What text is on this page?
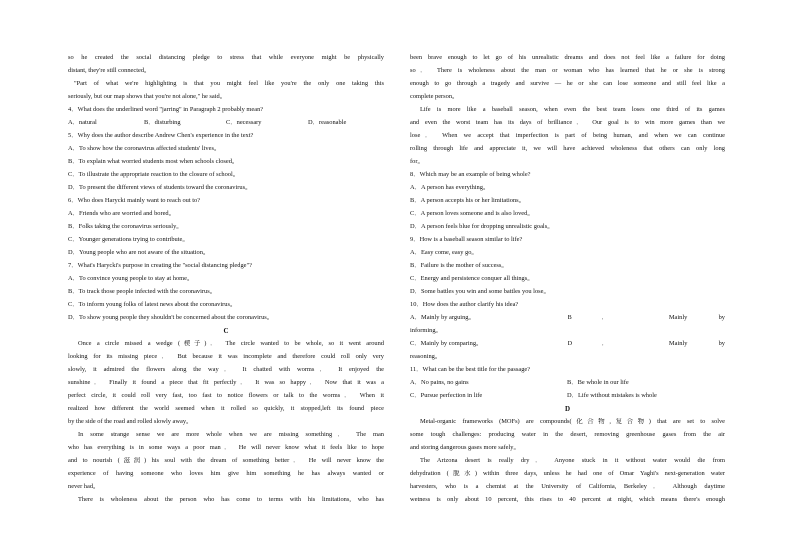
so he created the social distancing pledge to stress that while everyone might be physically
distant, they're still connected。
"Part of what we're highlighting is that you might feel like you're the only one taking this
seriously, but our map shows that you're not alone," he said。
4．What does the underlined word "jarring" in Paragraph 2 probably mean?
A．natural	B．disturbing	C．necessary	D．reasonable
5．Why does the author describe Andrew Chen's experience in the text?
A．To show how the coronavirus affected students' lives。
B．To explain what worried students most when schools closed。
C．To illustrate the appropriate reaction to the closure of school。
D．To present the different views of students toward the coronavirus。
6．Who does Harycki mainly want to reach out to?
A．Friends who are worried and bored。
B．Folks taking the coronavirus seriously。
C．Younger generations trying to contribute。
D．Young people who are not aware of the situation。
7．What's Harycki's purpose in creating the "social distancing pledge"?
A．To convince young people to stay at home。
B．To track those people infected with the coronavirus。
C．To inform young folks of latest news about the coronavirus。
D．To show young people they shouldn't be concerned about the coronavirus。
C
Once a circle missed a wedge (楔子)． The circle wanted to be whole, so it went around
looking for its missing piece． But because it was incomplete and therefore could roll only very
slowly, it admired the flowers along the way． It chatted with worms． It enjoyed the
sunshine． Finally it found a piece that fit perfectly． It was so happy． Now that it was a
perfect circle, it could roll very fast, too fast to notice flowers or talk to the worms． When it
realized how different the world seemed when it rolled so quickly, it stopped,left its found piece
by the side of the road and rolled slowly away。
In some strange sense we are more whole when we are missing something． The man
who has everything is in some ways a poor man． He will never know what it feels like to hope
and to nourish (滋润) his soul with the dream of something better． He will never know the
experience of having someone who loves him give him something he has always wanted or
never had。
There is wholeness about the person who has come to terms with his limitations, who has
been brave enough to let go of his unrealistic dreams and does not feel like a failure for doing
so． There is wholeness about the man or woman who has learned that he or she is strong
enough to go through a tragedy and survive — he or she can lose someone and still feel like a
complete person。
Life is more like a baseball season, when even the best team loses one third of its games
and even the worst team has its days of brilliance． Our goal is to win more games than we
lose． When we accept that imperfection is part of being human, and when we can continue
rolling through life and appreciate it, we will have achieved wholeness that others can only long
for。
8．Which may be an example of being whole?
A．A person has everything。
B．A person accepts his or her limitations。
C．A person loves someone and is also loved。
D．A person feels blue for dropping unrealistic goals。
9．How is a baseball season similar to life?
A．Easy come, easy go。
B．Failure is the mother of success。
C．Energy and persistence conquer all things。
D．Some battles you win and some battles you lose。
10．How does the author clarify his idea?
A．Mainly by arguing。	B． Mainly by
informing。
C．Mainly by comparing。	D． Mainly by
reasoning。
11．What can be the best title for the passage?
A．No pains, no gains	B．Be whole in our life
C．Pursue perfection in life	D．Life without mistakes is whole
D
Metal-organic frameworks (MOFs) are compounds(化合物,复合物) that are set to solve
some tough challenges: producing water in the desert, removing greenhouse gases from the air
and storing dangerous gases more safely。
The Arizona desert is really dry． Anyone stuck in it without water would die from
dehydration (脱水) within three days, unless he had one of Omar Yaghi's next-generation water
harvesters, who is a chemist at the University of California, Berkeley． Although daytime
wetness is only about 10 percent, this rises to 40 percent at night, which means there's enough
